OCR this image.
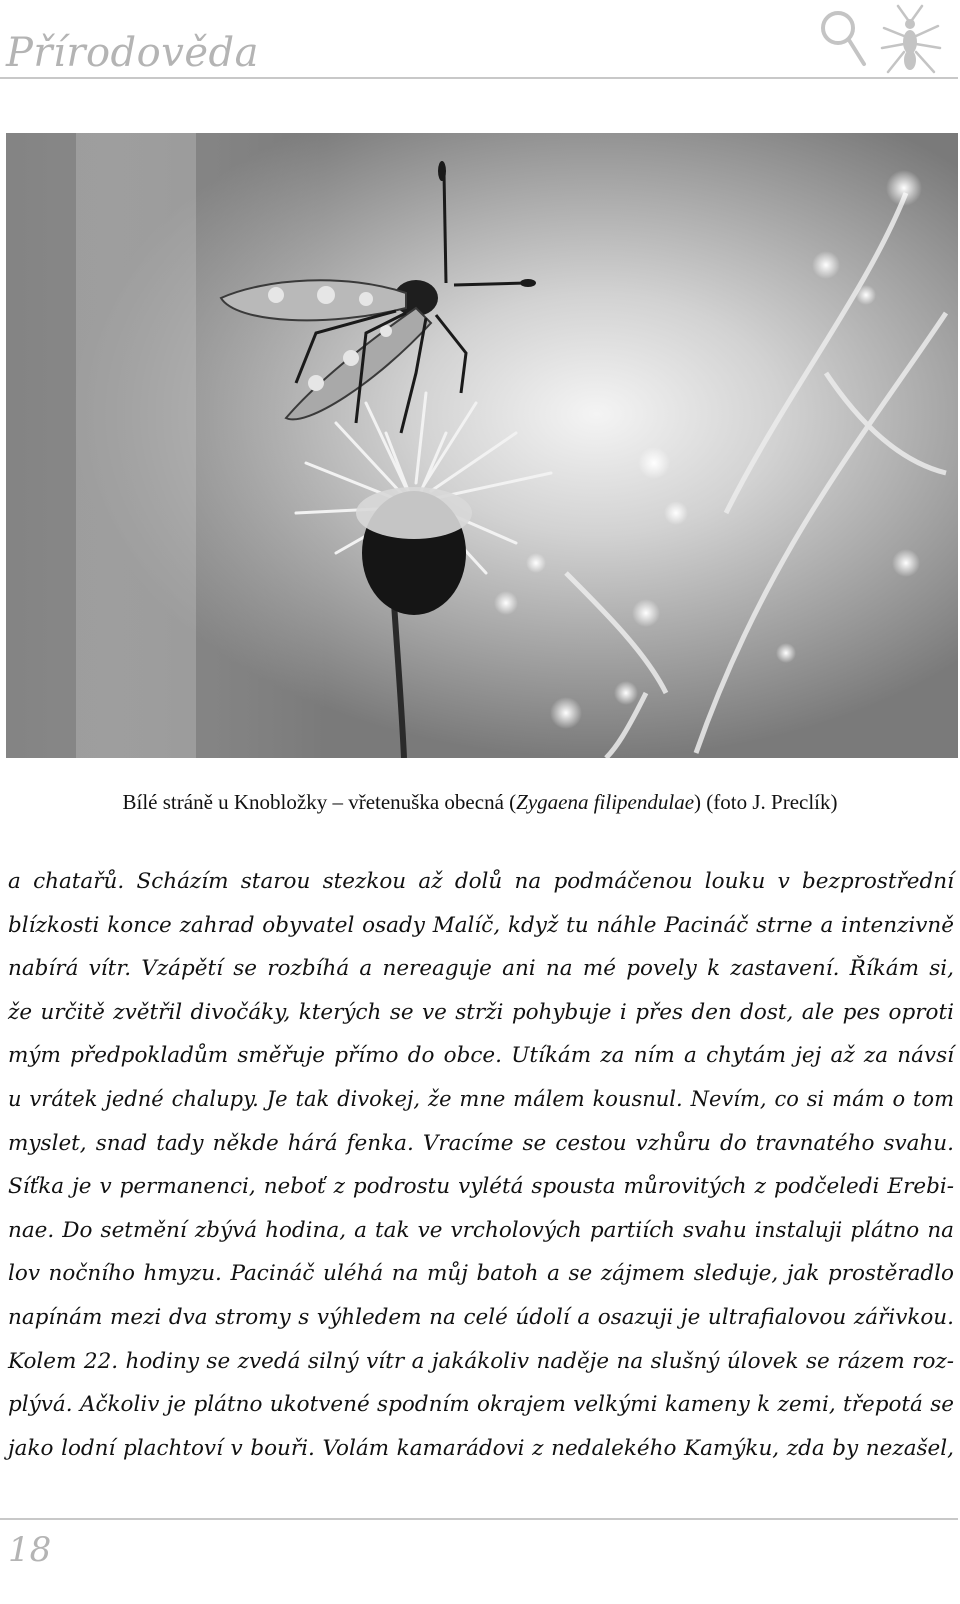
Přírodověda
Bílé stráně u Knobložky – vřetenuška obecná (Zygaena filipendulae) (foto J. Preclík)
a chatařů. Scházím starou stezkou až dolů na podmáčenou louku v bezprostřední
blízkosti konce zahrad obyvatel osady Malíč, když tu náhle Pacináč strne a intenzivně
nabírá vítr. Vzápětí se rozbíhá a nereaguje ani na mé povely k zastavení. Říkám si,
že určitě zvětřil divočáky, kterých se ve strži pohybuje i přes den dost, ale pes oproti
mým předpokladům směřuje přímo do obce. Utíkám za ním a chytám jej až za návsí
u vrátek jedné chalupy. Je tak divokej, že mne málem kousnul. Nevím, co si mám o tom
myslet, snad tady někde hárá fenka. Vracíme se cestou vzhůru do travnatého svahu.
Síťka je v permanenci, neboť z podrostu vylétá spousta můrovitých z podčeledi Erebi-
nae. Do setmění zbývá hodina, a tak ve vrcholových partiích svahu instaluji plátno na
lov nočního hmyzu. Pacináč uléhá na můj batoh a se zájmem sleduje, jak prostěradlo
napínám mezi dva stromy s výhledem na celé údolí a osazuji je ultrafialovou zářivkou.
Kolem 22. hodiny se zvedá silný vítr a jakákoliv naděje na slušný úlovek se rázem roz-
plývá. Ačkoliv je plátno ukotvené spodním okrajem velkými kameny k zemi, třepotá se
jako lodní plachtoví v bouři. Volám kamarádovi z nedalekého Kamýku, zda by nezašel,
18
